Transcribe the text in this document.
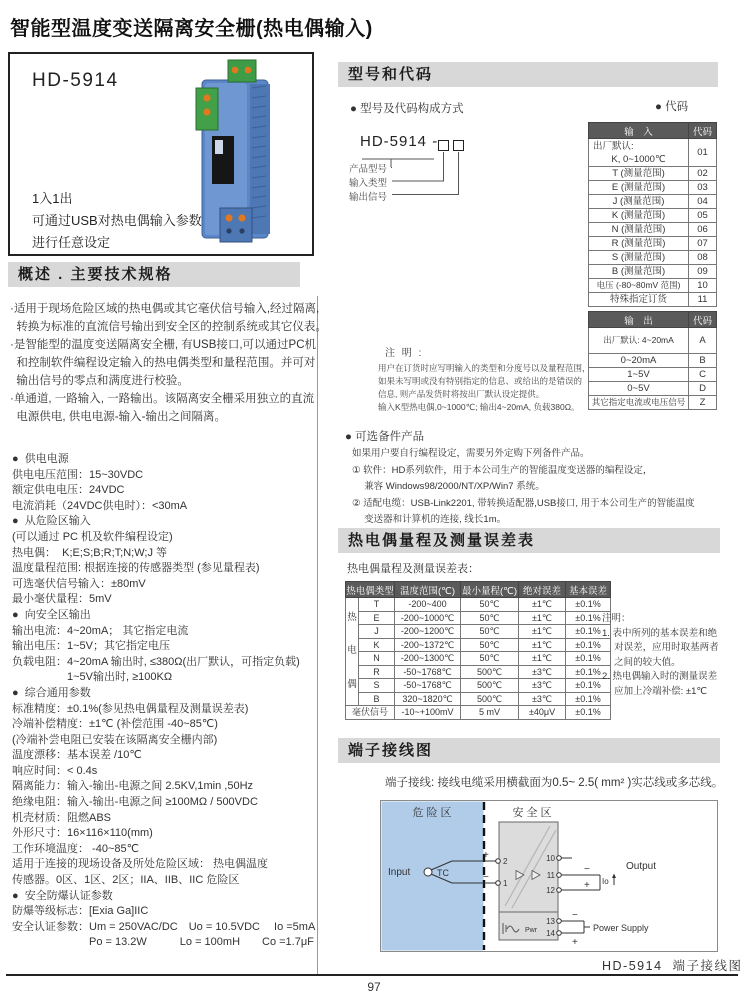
智能型温度变送隔离安全栅(热电偶输入)
HD-5914
1入1出
可通过USB对热电偶输入参数
进行任意设定
概述 . 主要技术规格
·适用于现场危险区域的热电偶或其它毫伏信号输入,经过隔离,
转换为标准的直流信号输出到安全区的控制系统或其它仪表。
·是智能型的温度变送隔离安全栅, 有USB接口,可以通过PC机
和控制软件编程设定输入的热电偶类型和量程范围。并可对
输出信号的零点和满度进行校验。
·单通道, 一路输入, 一路输出。该隔离安全栅采用独立的直流
电源供电, 供电电源-输入-输出之间隔离。
●  供电电源
供电电压范围：15~30VDC
额定供电电压：24VDC
电流消耗（24VDC供电时）：<30mA
●  从危险区输入
(可以通过 PC 机及软件编程设定)
热电偶：  K;E;S;B;R;T;N;W;J 等
温度量程范围: 根据连接的传感器类型 (参见量程表)
可选毫伏信号输入：±80mV
最小毫伏量程：5mV
●  向安全区输出
输出电流：4~20mA； 其它指定电流
输出电压：1~5V；其它指定电压
负载电阻：4~20mA 输出时, ≤380Ω(出厂默认，可指定负载)
　　　　　1~5V输出时, ≥100KΩ
●  综合通用参数
标准精度：±0.1%(参见热电偶量程及测量误差表)
冷端补偿精度：±1℃ (补偿范围 -40~85℃)
(冷端补尝电阻已安装在该隔离安全栅内部)
温度漂移：基本误差 /10℃
响应时间：< 0.4s
隔离能力：输入-输出-电源之间 2.5KV,1min ,50Hz
绝缘电阻：输入-输出-电源之间 ≥100MΩ / 500VDC
机壳材质：阻燃ABS
外形尺寸：16×116×110(mm)
工作环境温度： -40~85℃
适用于连接的现场设备及所处危险区域： 热电偶温度
传感器。0区、1区、2区；IIA、IIB、IIC 危险区
●  安全防爆认证参数
防爆等级标志：[Exia Ga]IIC
安全认证参数：Um = 250VAC/DC　Uo = 10.5VDC　 Io =5mA
　　　　　　　Po = 13.2W　　　Lo = 100mH　　Co =1.7μF
型号和代码
● 型号及代码构成方式
HD-5914 -
产品型号
输入类型
输出信号
● 代码
输　入	代码

出厂默认:
K, 0~1000℃	01
T (测量范围)	02
E (测量范围)	03
J (测量范围)	04
K (测量范围)	05
N (测量范围)	06
R (测量范围)	07
S (测量范围)	08
B (测量范围)	09
电压 (-80~80mV 范围)	10
特殊指定订货	11
注 明 :
用户在订货时应写明输入的类型和分度号以及量程范围，
如果未写明或没有特别指定的信息、或给出的是错误的
信息, 则产品发货时将按出厂默认设定提供。
输入K型热电偶,0~1000℃; 输出4~20mA, 负载380Ω。
输　出	代码
出厂默认: 4~20mA	A
0~20mA	B
1~5V	C
0~5V	D
其它指定电流或电压信号	Z
● 可选备件产品
如果用户要自行编程设定，需要另外定购下列备件产品。
① 软件：HD系列软件，用于本公司生产的智能温度变送器的编程设定，
　 兼容 Windows98/2000/NT/XP/Win7 系统。
② 适配电缆：USB-Link2201, 带转换适配器,USB接口, 用于本公司生产的智能温度
　 变送器和计算机的连接, 线长1m。
热电偶量程及测量误差表
热电偶量程及测量误差表：
热电偶类型		温度范围(℃)	最小量程(℃)	绝对误差	基本误差

热
电
偶	T	-200~400	50℃	±1℃	±0.1%
	E	-200~1000℃	50℃	±1℃	±0.1%
	J	-200~1200℃	50℃	±1℃	±0.1%
	K	-200~1372℃	50℃	±1℃	±0.1%
	N	-200~1300℃	50℃	±1℃	±0.1%
	R	-50~1768℃	500℃	±3℃	±0.1%
	S	-50~1768℃	500℃	±3℃	±0.1%
	B	320~1820℃	500℃	±3℃	±0.1%
毫伏信号		-10~+100mV	5 mV	±40μV	±0.1%
注明：
1. 表中所列的基本误差和绝
　 对误差，应用时取基两者
　 之间的较大值。
2. 热电偶输入时的测量误差
　 应加上冷端补偿: ±1℃
端子接线图
端子接线: 接线电缆采用横截面为0.5~ 2.5( mm² )实芯线或多芯线。
危 险 区	安 全 区
Pwr
Input	TC
+
−
2
1
10
11
12
−
+ Io
Output
13
14
−
+
Power Supply
HD-5914  端子接线图
97
